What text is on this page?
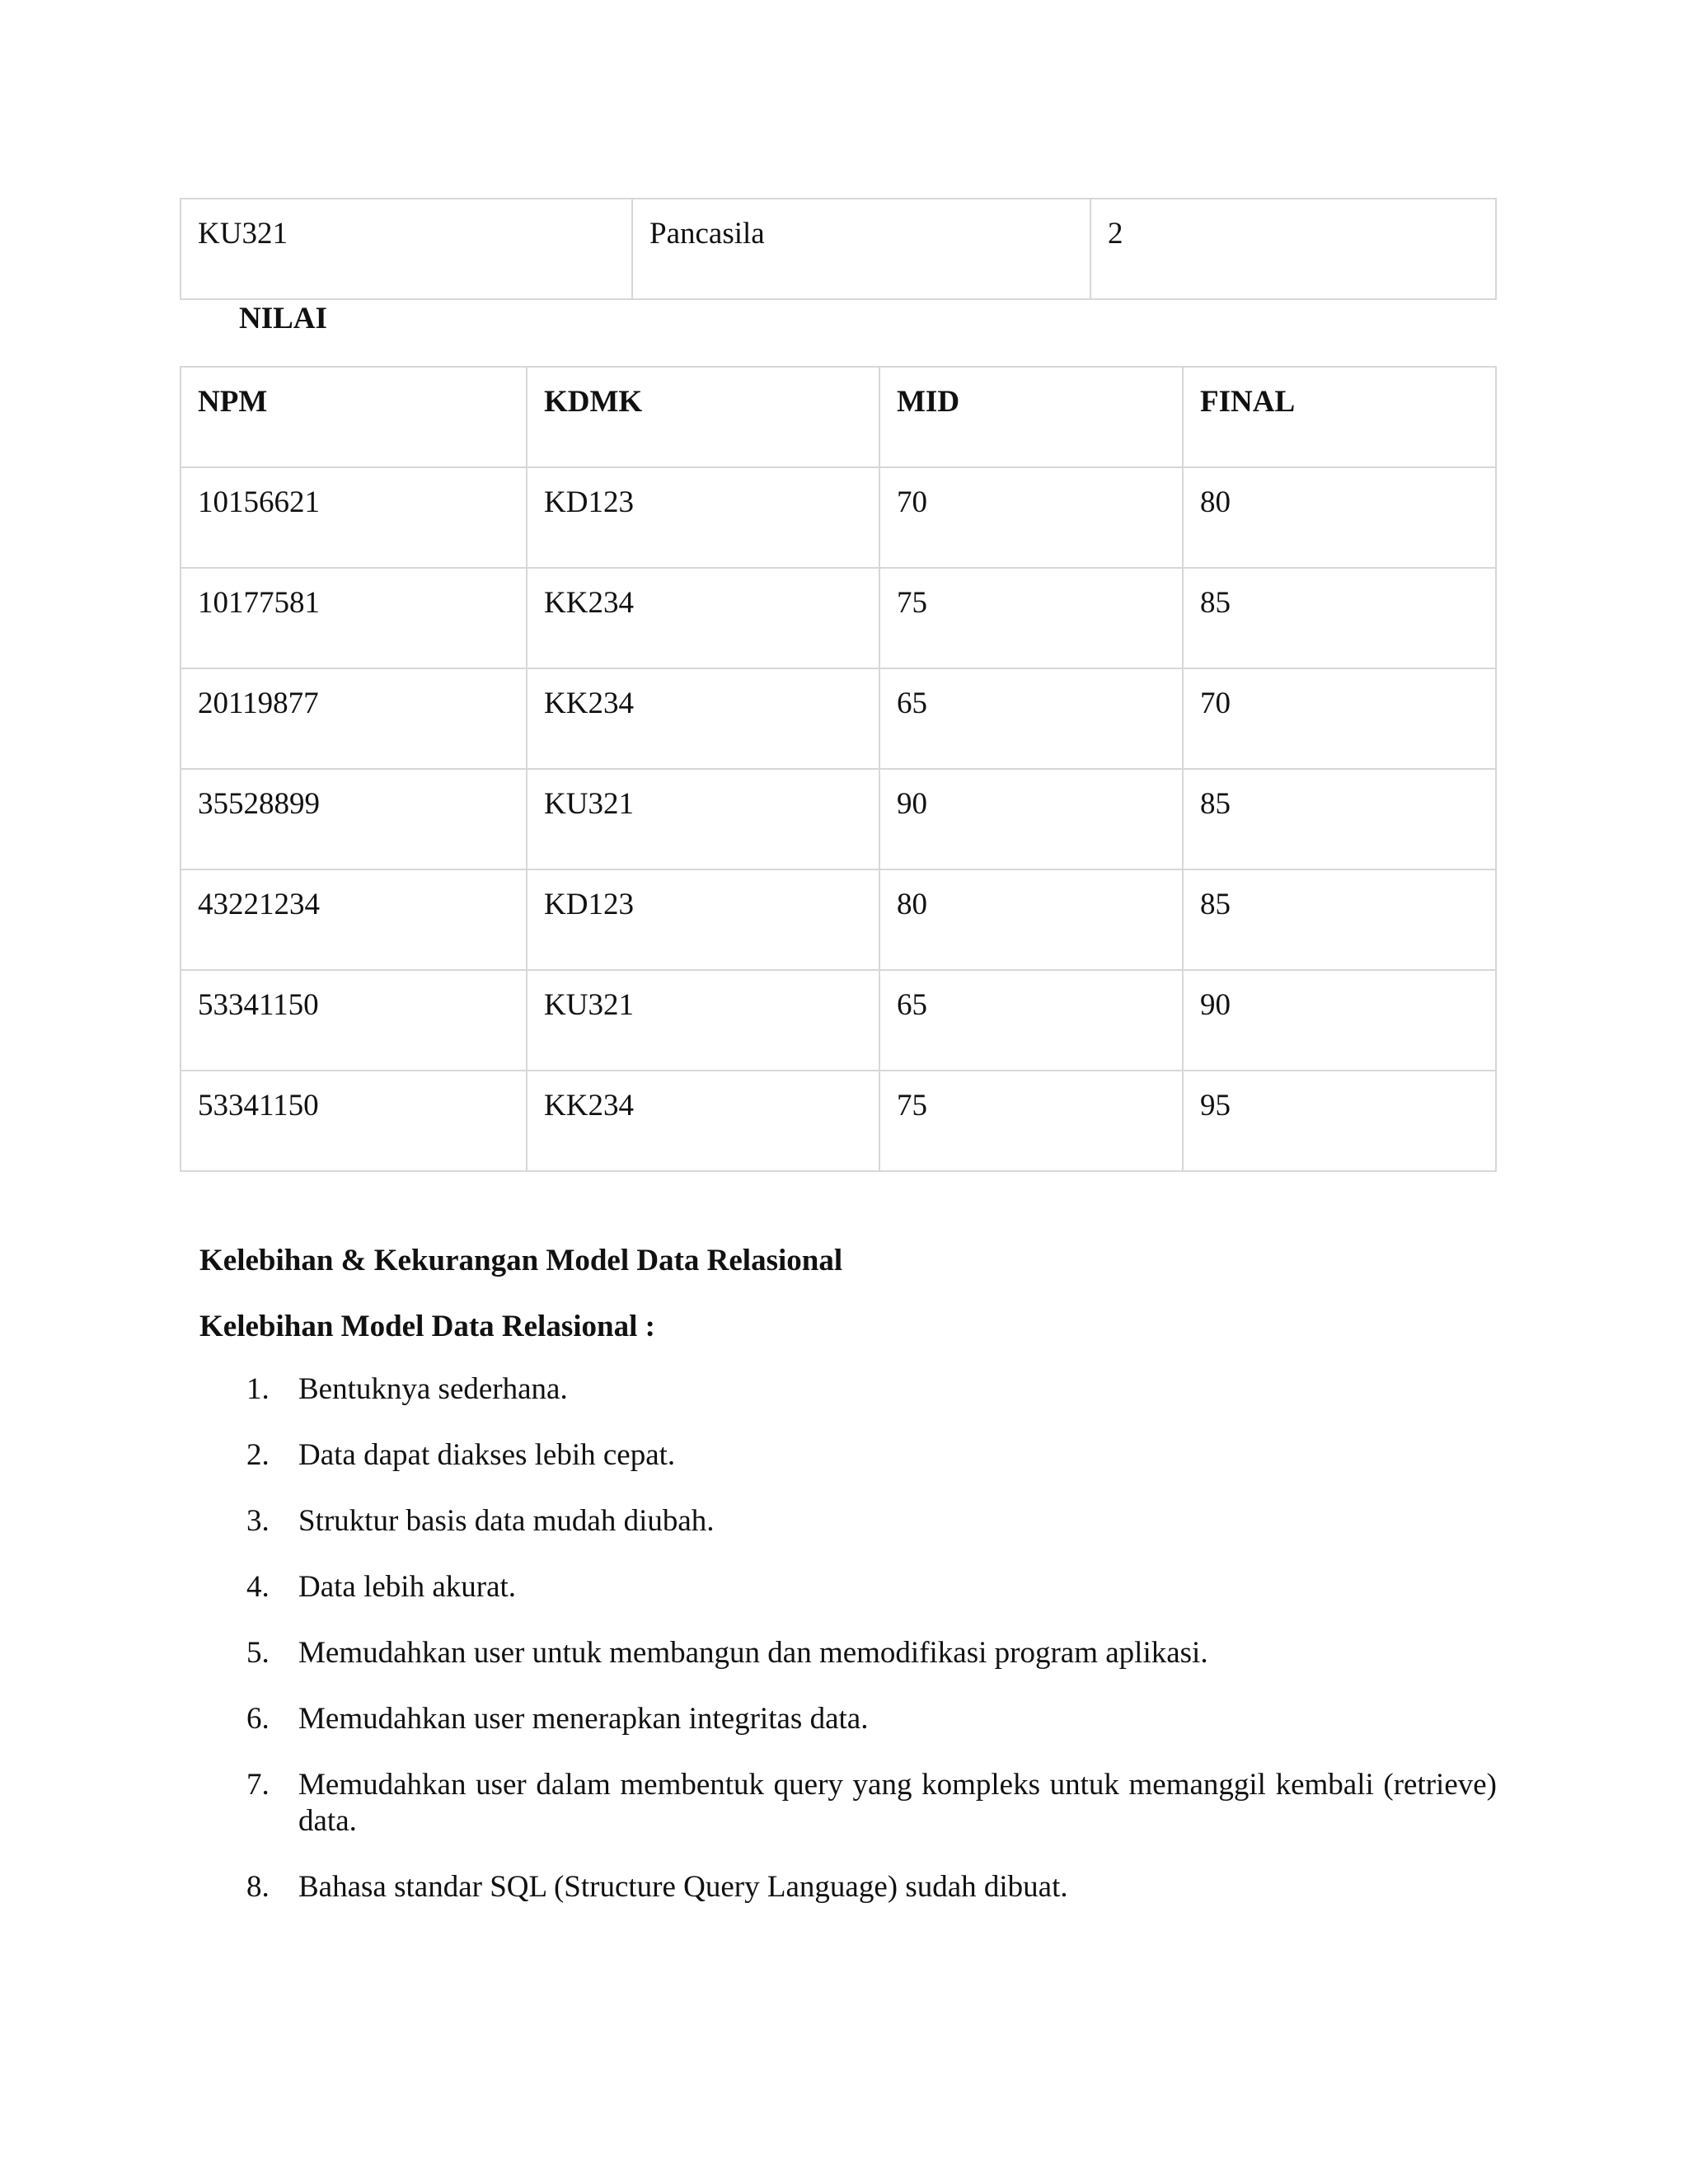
KU321	Pancasila	2
NILAI
NPM	KDMK	MID	FINAL
10156621	KD123	70	80
10177581	KK234	75	85
20119877	KK234	65	70
35528899	KU321	90	85
43221234	KD123	80	85
53341150	KU321	65	90
53341150	KK234	75	95
Kelebihan & Kekurangan Model Data Relasional
Kelebihan Model Data Relasional :
1. Bentuknya sederhana.
2. Data dapat diakses lebih cepat.
3. Struktur basis data mudah diubah.
4. Data lebih akurat.
5. Memudahkan user untuk membangun dan memodifikasi program aplikasi.
6. Memudahkan user menerapkan integritas data.
7. Memudahkan user dalam membentuk query yang kompleks untuk memanggil kembali (retrieve) data.
8. Bahasa standar SQL (Structure Query Language) sudah dibuat.
